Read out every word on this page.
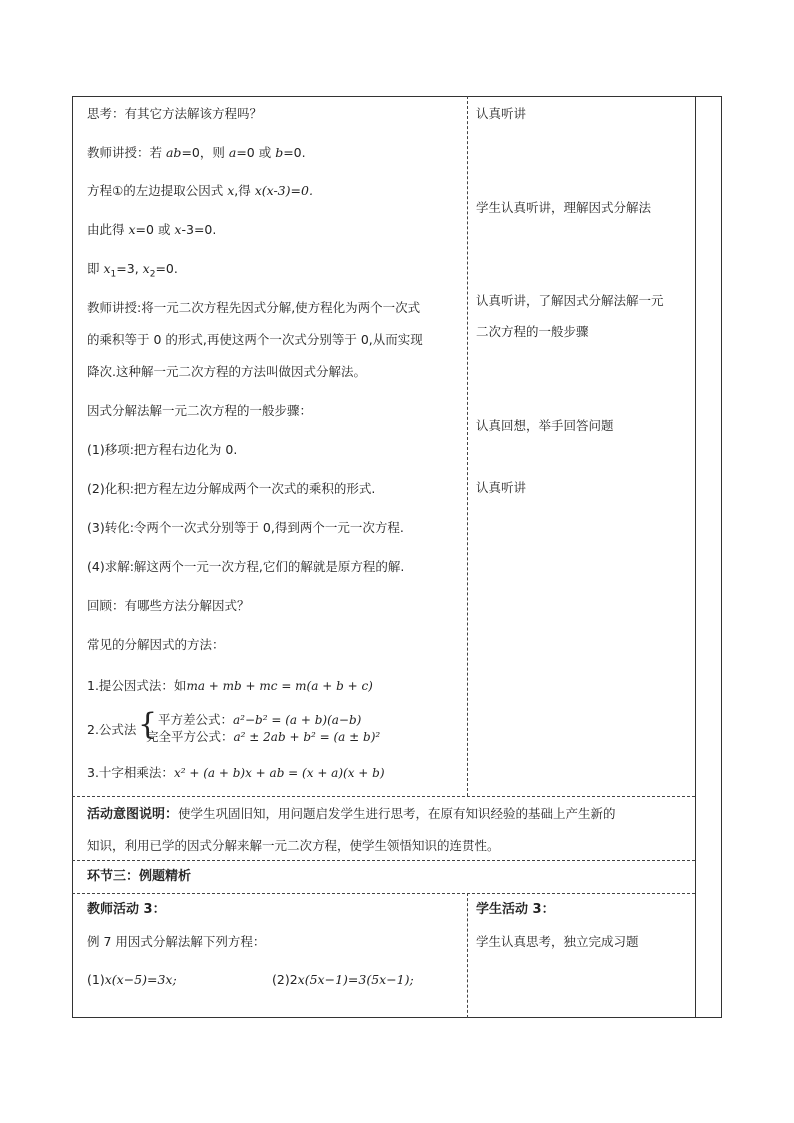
思考：有其它方法解该方程吗？
教师讲授：若 ab=0，则 a=0 或 b=0.
方程①的左边提取公因式 x,得 x(x-3)=0.
由此得 x=0 或 x-3=0.
即 $x_1=3$, $x_2=0$.
教师讲授:将一元二次方程先因式分解,使方程化为两个一次式
的乘积等于 0 的形式,再使这两个一次式分别等于 0,从而实现
降次.这种解一元二次方程的方法叫做因式分解法。
因式分解法解一元二次方程的一般步骤：
(1)移项:把方程右边化为 0.
(2)化积:把方程左边分解成两个一次式的乘积的形式.
(3)转化:令两个一次式分别等于 0,得到两个一元一次方程.
(4)求解:解这两个一元一次方程,它们的解就是原方程的解.
回顾：有哪些方法分解因式？
常见的分解因式的方法：
1.提公因式法：如ma + mb + mc = m(a + b + c)
2.公式法 { 平方差公式：a²−b² = (a + b)(a−b)
完全平方公式：a² ± 2ab + b² = (a ± b)²
3.十字相乘法：x² + (a + b)x + ab = (x + a)(x + b)
认真听讲
学生认真听讲，理解因式分解法
认真听讲，了解因式分解法解一元
二次方程的一般步骤
认真回想，举手回答问题
认真听讲
活动意图说明：使学生巩固旧知，用问题启发学生进行思考，在原有知识经验的基础上产生新的
知识，利用已学的因式分解来解一元二次方程，使学生领悟知识的连贯性。
环节三：例题精析
教师活动 3：
例 7 用因式分解法解下列方程：
(1)x(x−5)=3x;	(2)2x(5x−1)=3(5x−1);
学生活动 3：
学生认真思考，独立完成习题
